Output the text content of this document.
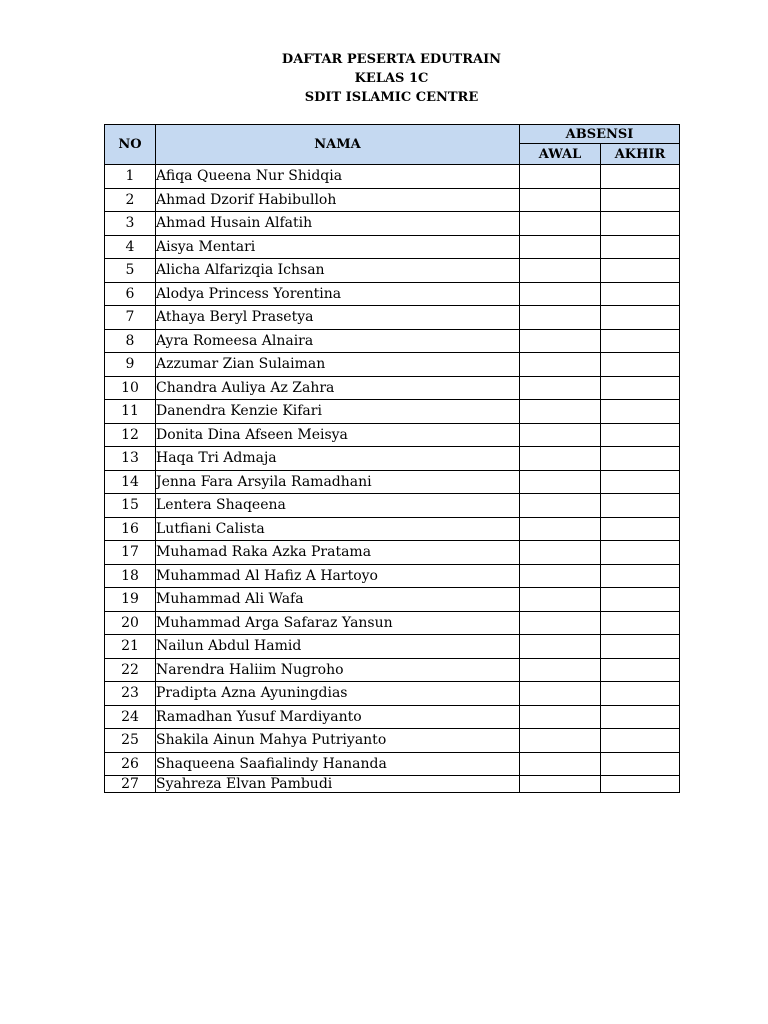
DAFTAR PESERTA EDUTRAIN
KELAS 1C
SDIT ISLAMIC CENTRE
NO	NAMA	ABSENSI	
		AWAL	AKHIR
1	Afiqa Queena Nur Shidqia		
2	Ahmad Dzorif Habibulloh		
3	Ahmad Husain Alfatih		
4	Aisya Mentari		
5	Alicha Alfarizqia Ichsan		
6	Alodya Princess Yorentina		
7	Athaya Beryl Prasetya		
8	Ayra Romeesa Alnaira		
9	Azzumar Zian Sulaiman		
10	Chandra Auliya Az Zahra		
11	Danendra Kenzie Kifari		
12	Donita Dina Afseen Meisya		
13	Haqa Tri Admaja		
14	Jenna Fara Arsyila Ramadhani		
15	Lentera Shaqeena		
16	Lutfiani Calista		
17	Muhamad Raka Azka Pratama		
18	Muhammad Al Hafiz A Hartoyo		
19	Muhammad Ali Wafa		
20	Muhammad Arga Safaraz Yansun		
21	Nailun Abdul Hamid		
22	Narendra Haliim Nugroho		
23	Pradipta Azna Ayuningdias		
24	Ramadhan Yusuf Mardiyanto		
25	Shakila Ainun Mahya Putriyanto		
26	Shaqueena Saafialindy Hananda		
27	Syahreza Elvan Pambudi		
